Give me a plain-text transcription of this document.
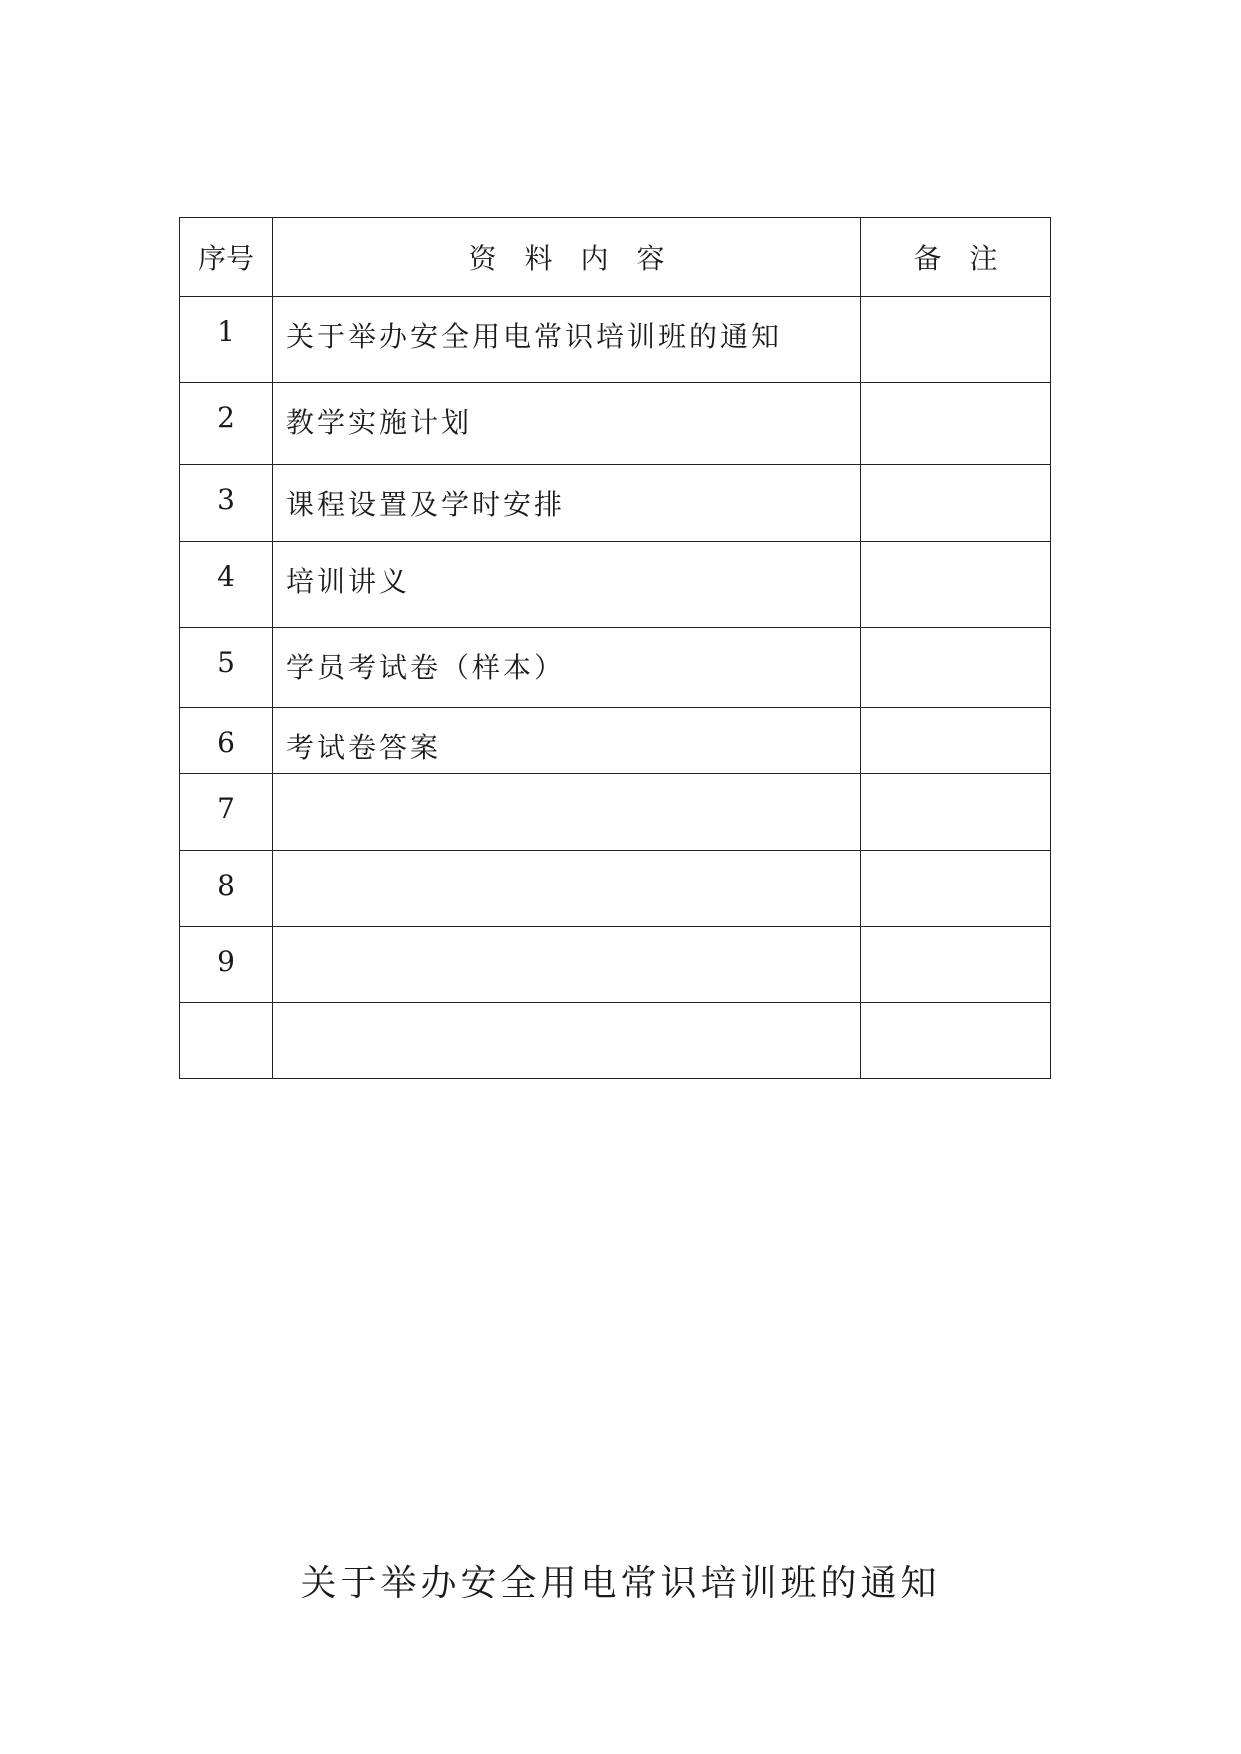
序号	资　料　内　容	备　注
1	关于举办安全用电常识培训班的通知	
2	教学实施计划	
3	课程设置及学时安排	
4	培训讲义	
5	学员考试卷（样本）	
6	考试卷答案	
7		
8		
9		

关于举办安全用电常识培训班的通知
